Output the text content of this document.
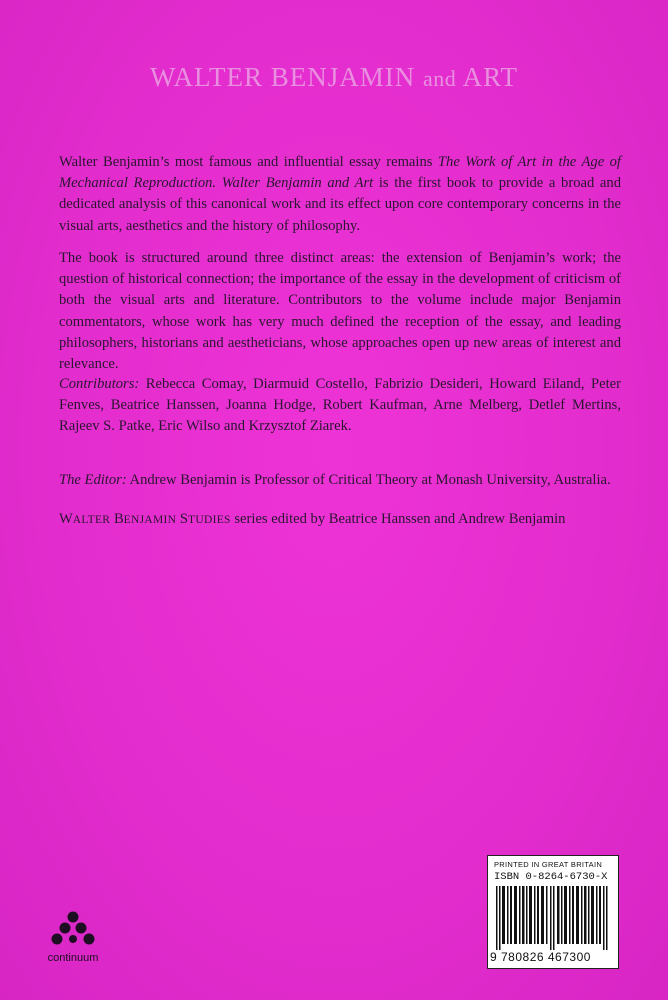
WALTER BENJAMIN and ART
Walter Benjamin’s most famous and influential essay remains The Work of Art in the Age of Mechanical Reproduction. Walter Benjamin and Art is the first book to provide a broad and dedicated analysis of this canonical work and its effect upon core contemporary concerns in the visual arts, aesthetics and the history of philosophy.
The book is structured around three distinct areas: the extension of Benjamin’s work; the question of historical connection; the importance of the essay in the development of criticism of both the visual arts and literature. Contributors to the volume include major Benjamin commentators, whose work has very much defined the reception of the essay, and leading philosophers, historians and aestheticians, whose approaches open up new areas of interest and relevance.
Contributors: Rebecca Comay, Diarmuid Costello, Fabrizio Desideri, Howard Eiland, Peter Fenves, Beatrice Hanssen, Joanna Hodge, Robert Kaufman, Arne Melberg, Detlef Mertins, Rajeev S. Patke, Eric Wilso and Krzysztof Ziarek.
The Editor: Andrew Benjamin is Professor of Critical Theory at Monash University, Australia.
WALTER BENJAMIN STUDIES series edited by Beatrice Hanssen and Andrew Benjamin
continuum
PRINTED IN GREAT BRITAIN
ISBN 0-8264-6730-X
9 780826 467300
